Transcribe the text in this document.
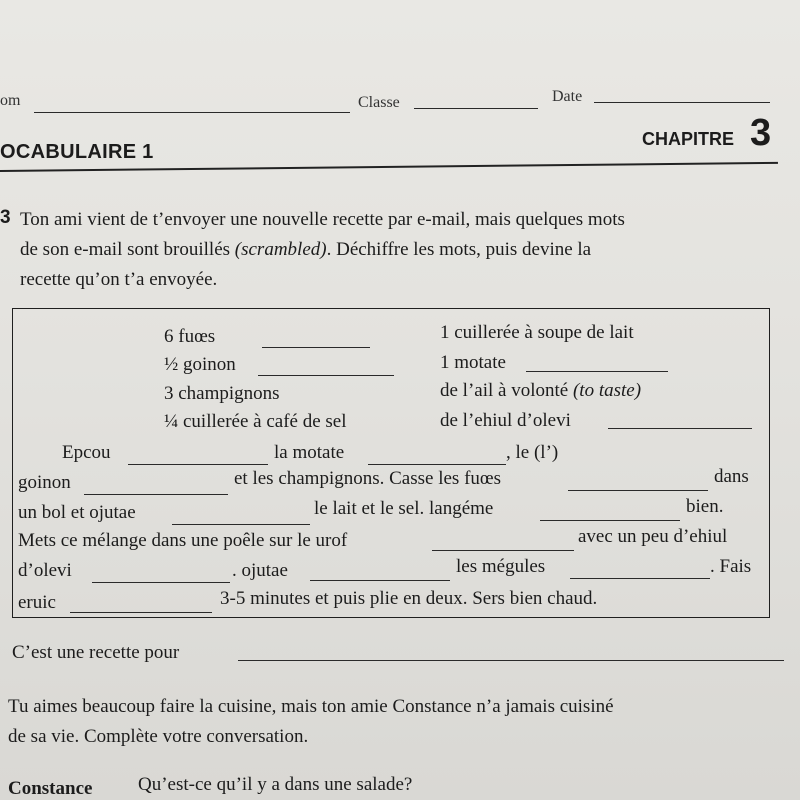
om	Classe	Date
OCABULAIRE 1
CHAPITRE 3
3 Ton ami vient de t’envoyer une nouvelle recette par e-mail, mais quelques mots
de son e-mail sont brouillés (scrambled). Déchiffre les mots, puis devine la
recette qu’on t’a envoyée.
6 fuœs
½ goinon
3 champignons
¼ cuillerée à café de sel
1 cuillerée à soupe de lait
1 motate
de l’ail à volonté (to taste)
de l’ehiul d’olevi
Epcou	la motate	, le (l’)
goinon	et les champignons. Casse les fuœs	dans
un bol et ojutae	le lait et le sel. langéme	bien.
Mets ce mélange dans une poêle sur le urof	avec un peu d’ehiul
d’olevi	. ojutae	les mégules	. Fais
eruic	3-5 minutes et puis plie en deux. Sers bien chaud.
C’est une recette pour
Tu aimes beaucoup faire la cuisine, mais ton amie Constance n’a jamais cuisiné
de sa vie. Complète votre conversation.
Constance Qu’est-ce qu’il y a dans une salade?
